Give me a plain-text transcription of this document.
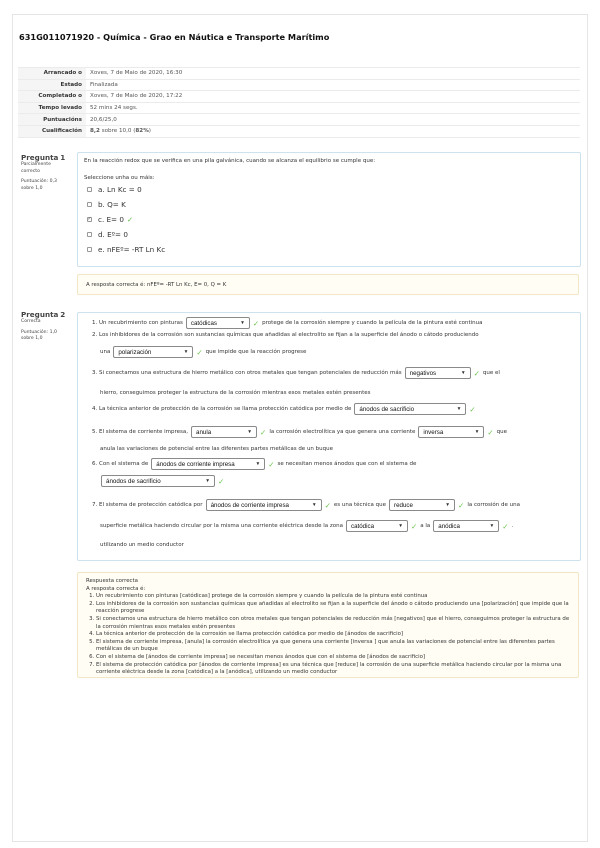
631G011071920 - Química - Grao en Náutica e Transporte Marítimo
Arrancado o	Xoves, 7 de Maio de 2020, 16:30
Estado	Finalizada
Completado o	Xoves, 7 de Maio de 2020, 17:22
Tempo levado	52 mins 24 segs.
Puntuacións	20,6/25,0
Cualificación	8,2 sobre 10,0 (82%)
Pregunta 1
Parcialmente
correcto
Puntuación: 0,3
sobre 1,0
En la reacción redox que se verifica en una pila galvánica, cuando se alcanza el equilibrio se cumple que:
Seleccione unha ou máis:
a. Ln Kc = 0
b. Q= K
✓ c. E= 0 ✓
d. Eº= 0
e. nFEº= -RT Ln Kc
A resposta correcta é: nFEº= -RT Ln Kc, E= 0, Q = K
Pregunta 2
Correcta
Puntuación: 1,0
sobre 1,0
1. Un recubrimiento con pinturas catódicas	▼ ✓ protege de la corrosión siempre y cuando la película de la pintura esté continua
2. Los inhibidores de la corrosión son sustancias químicas que añadidas al electrolito se fijan a la superficie del ánodo o cátodo produciendo
una polarización	▼ ✓ que impide que la reacción progrese
3. Si conectamos una estructura de hierro metálico con otros metales que tengan potenciales de reducción más negativos	▼ ✓ que el
hierro, conseguimos proteger la estructura de la corrosión mientras esos metales estén presentes
4. La técnica anterior de protección de la corrosión se llama protección catódica por medio de ánodos de sacrificio	▼ ✓
5. El sistema de corriente impresa, anula	▼ ✓ la corrosión electrolítica ya que genera una corriente inversa	▼ ✓ que
anula las variaciones de potencial entre las diferentes partes metálicas de un buque
6. Con el sistema de ánodos de corriente impresa	▼ ✓ se necesitan menos ánodos que con el sistema de
ánodos de sacrificio	▼ ✓
7. El sistema de protección catódica por ánodos de corriente impresa	▼ ✓ es una técnica que reduce	▼ ✓ la corrosión de una
superficie metálica haciendo circular por la misma una corriente eléctrica desde la zona catódica	▼ ✓ a la anódica	▼ ✓ .
utilizando un medio conductor
Respuesta correcta
A resposta correcta é:
1. Un recubrimiento con pinturas [catódicas] protege de la corrosión siempre y cuando la película de la pintura esté continua
2. Los inhibidores de la corrosión son sustancias químicas que añadidas al electrolito se fijan a la superficie del ánodo o cátodo produciendo una [polarización] que impide que la reacción progrese
3. Si conectamos una estructura de hierro metálico con otros metales que tengan potenciales de reducción más [negativos] que el hierro, conseguimos proteger la estructura de la corrosión mientras esos metales estén presentes
4. La técnica anterior de protección de la corrosión se llama protección catódica por medio de [ánodos de sacrificio]
5. El sistema de corriente impresa, [anula] la corrosión electrolítica ya que genera una corriente [inversa ] que anula las variaciones de potencial entre las diferentes partes metálicas de un buque
6. Con el sistema de [ánodos de corriente impresa] se necesitan menos ánodos que con el sistema de [ánodos de sacrificio]
7. El sistema de protección catódica por [ánodos de corriente impresa] es una técnica que [reduce] la corrosión de una superficie metálica haciendo circular por la misma una corriente eléctrica desde la zona [catódica] a la [anódica], utilizando un medio conductor
